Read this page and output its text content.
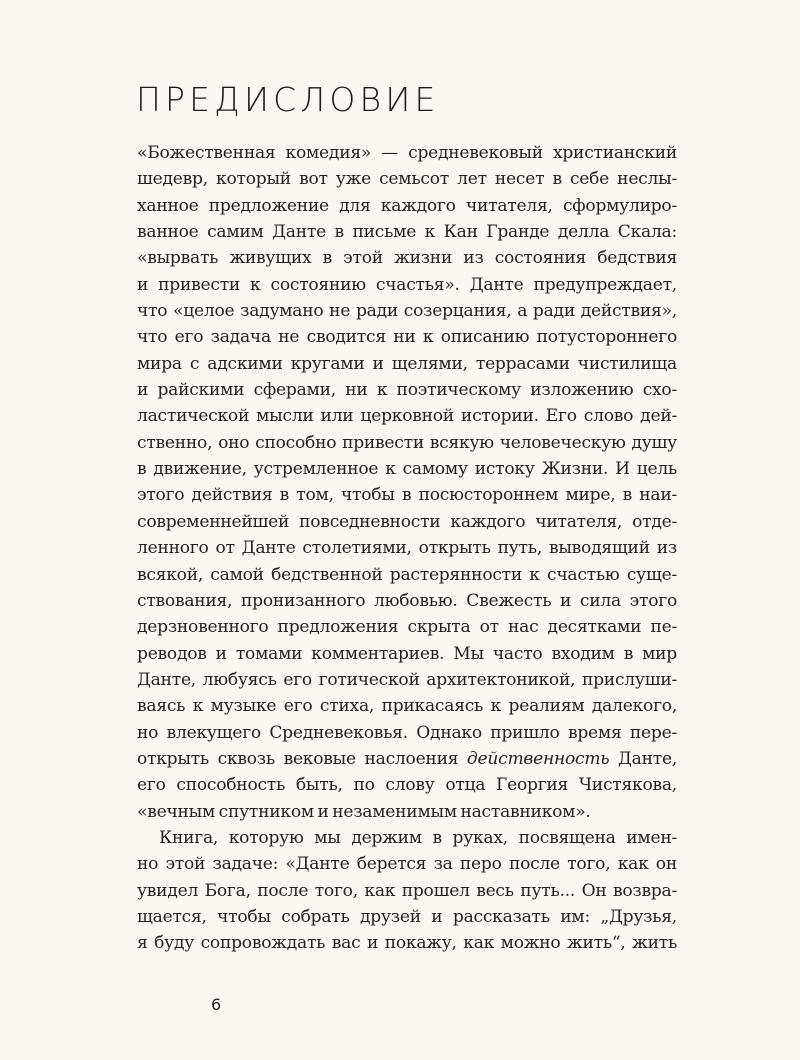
ПРЕДИСЛОВИЕ
«Божественная комедия» — средневековый христианский
шедевр, который вот уже семьсот лет несет в себе неслы-
ханное предложение для каждого читателя, сформулиро-
ванное самим Данте в письме к Кан Гранде делла Скала:
«вырвать живущих в этой жизни из состояния бедствия
и привести к состоянию счастья». Данте предупреждает,
что «целое задумано не ради созерцания, а ради действия»,
что его задача не сводится ни к описанию потустороннего
мира с адскими кругами и щелями, террасами чистилища
и райскими сферами, ни к поэтическому изложению схо-
ластической мысли или церковной истории. Его слово дей-
ственно, оно способно привести всякую человеческую душу
в движение, устремленное к самому истоку Жизни. И цель
этого действия в том, чтобы в посюстороннем мире, в наи-
современнейшей повседневности каждого читателя, отде-
ленного от Данте столетиями, открыть путь, выводящий из
всякой, самой бедственной растерянности к счастью суще-
ствования, пронизанного любовью. Свежесть и сила этого
дерзновенного предложения скрыта от нас десятками пе-
реводов и томами комментариев. Мы часто входим в мир
Данте, любуясь его готической архитектоникой, прислуши-
ваясь к музыке его стиха, прикасаясь к реалиям далекого,
но влекущего Средневековья. Однако пришло время пере-
открыть сквозь вековые наслоения действенность Данте,
его способность быть, по слову отца Георгия Чистякова,
«вечным спутником и незаменимым наставником».
Книга, которую мы держим в руках, посвящена имен-
но этой задаче: «Данте берется за перо после того, как он
увидел Бога, после того, как прошел весь путь... Он возвра-
щается, чтобы собрать друзей и рассказать им: „Друзья,
я буду сопровождать вас и покажу, как можно жить“, жить
6
